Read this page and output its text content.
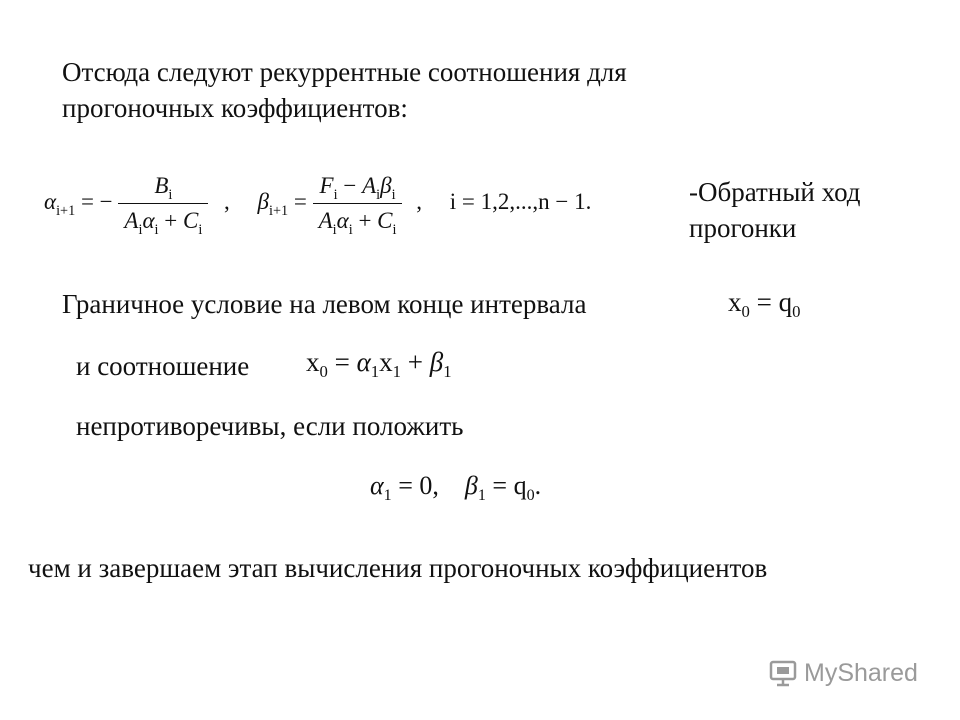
Отсюда следуют рекуррентные соотношения для
прогоночных коэффициентов:
$\alpha_{i+1}$ = − $\frac{B_i}{A_i\alpha_i + C_i}$ , $\beta_{i+1} = \frac{F_i - A_i\beta_i}{A_i\alpha_i + C_i}$ , i = 1,2,...,n − 1.	-Обратный ход
прогонки
Граничное условие на левом конце интервала	$x_0 = q_0$
и соотношение $x_0 = \alpha_1x_1 + \beta_1$
непротиворечивы, если положить
$\alpha_1 = 0$,    $\beta_1 = q_0$.
чем и завершаем этап вычисления прогоночных коэффициентов
MyShared
